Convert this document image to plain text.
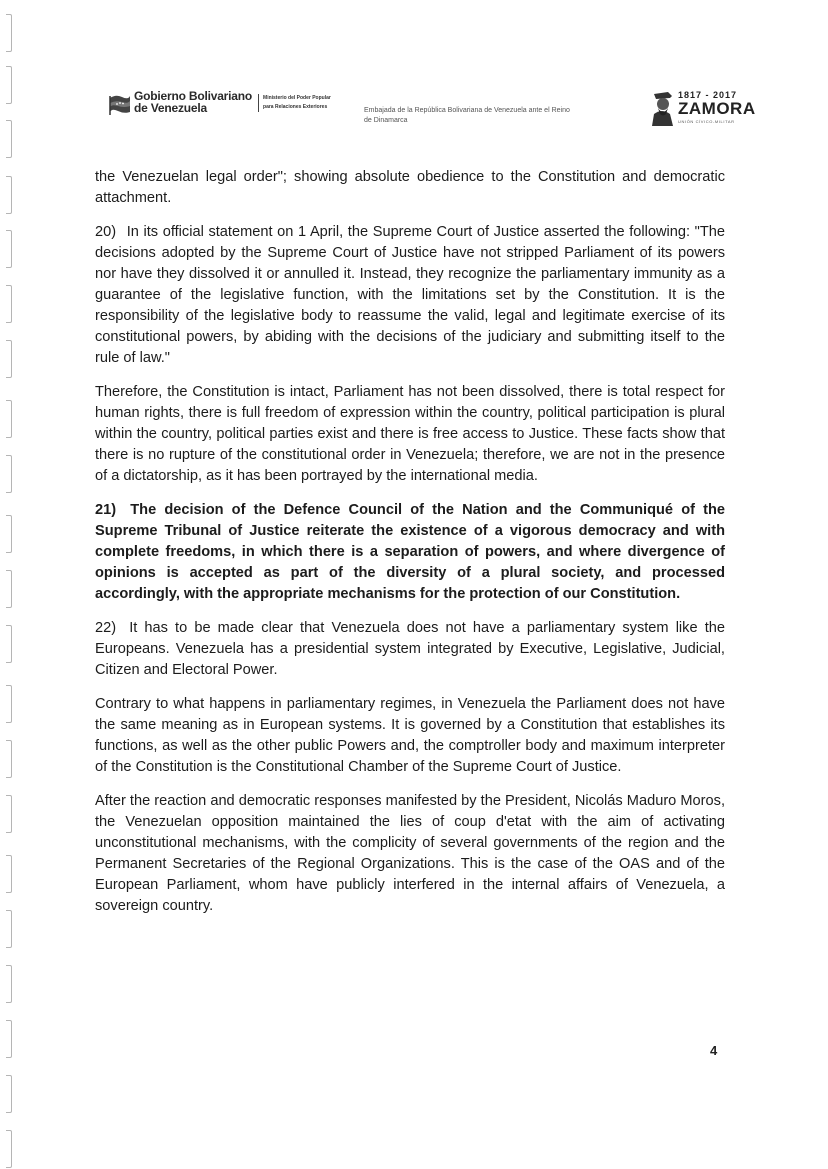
Gobierno Bolivariano
de Venezuela
Ministerio del Poder Popular
para Relaciones Exteriores	Embajada de la República Bolivariana de Venezuela ante el Reino
de Dinamarca
1817 - 2017
ZAMORA
UNIÓN CÍVICO-MILITAR

the Venezuelan legal order"; showing absolute obedience to the Constitution and democratic attachment.

20) In its official statement on 1 April, the Supreme Court of Justice asserted the following: "The decisions adopted by the Supreme Court of Justice have not stripped Parliament of its powers nor have they dissolved it or annulled it. Instead, they recognize the parliamentary immunity as a guarantee of the legislative function, with the limitations set by the Constitution. It is the responsibility of the legislative body to reassume the valid, legal and legitimate exercise of its constitutional powers, by abiding with the decisions of the judiciary and submitting itself to the rule of law."

Therefore, the Constitution is intact, Parliament has not been dissolved, there is total respect for human rights, there is full freedom of expression within the country, political participation is plural within the country, political parties exist and there is free access to Justice. These facts show that there is no rupture of the constitutional order in Venezuela; therefore, we are not in the presence of a dictatorship, as it has been portrayed by the international media.

21) The decision of the Defence Council of the Nation and the Communiqué of the Supreme Tribunal of Justice reiterate the existence of a vigorous democracy and with complete freedoms, in which there is a separation of powers, and where divergence of opinions is accepted as part of the diversity of a plural society, and processed accordingly, with the appropriate mechanisms for the protection of our Constitution.

22) It has to be made clear that Venezuela does not have a parliamentary system like the Europeans. Venezuela has a presidential system integrated by Executive, Legislative, Judicial, Citizen and Electoral Power.

Contrary to what happens in parliamentary regimes, in Venezuela the Parliament does not have the same meaning as in European systems. It is governed by a Constitution that establishes its functions, as well as the other public Powers and, the comptroller body and maximum interpreter of the Constitution is the Constitutional Chamber of the Supreme Court of Justice.

After the reaction and democratic responses manifested by the President, Nicolás Maduro Moros, the Venezuelan opposition maintained the lies of coup d'etat with the aim of activating unconstitutional mechanisms, with the complicity of several governments of the region and the Permanent Secretaries of the Regional Organizations. This is the case of the OAS and of the European Parliament, whom have publicly interfered in the internal affairs of Venezuela, a sovereign country.

4
